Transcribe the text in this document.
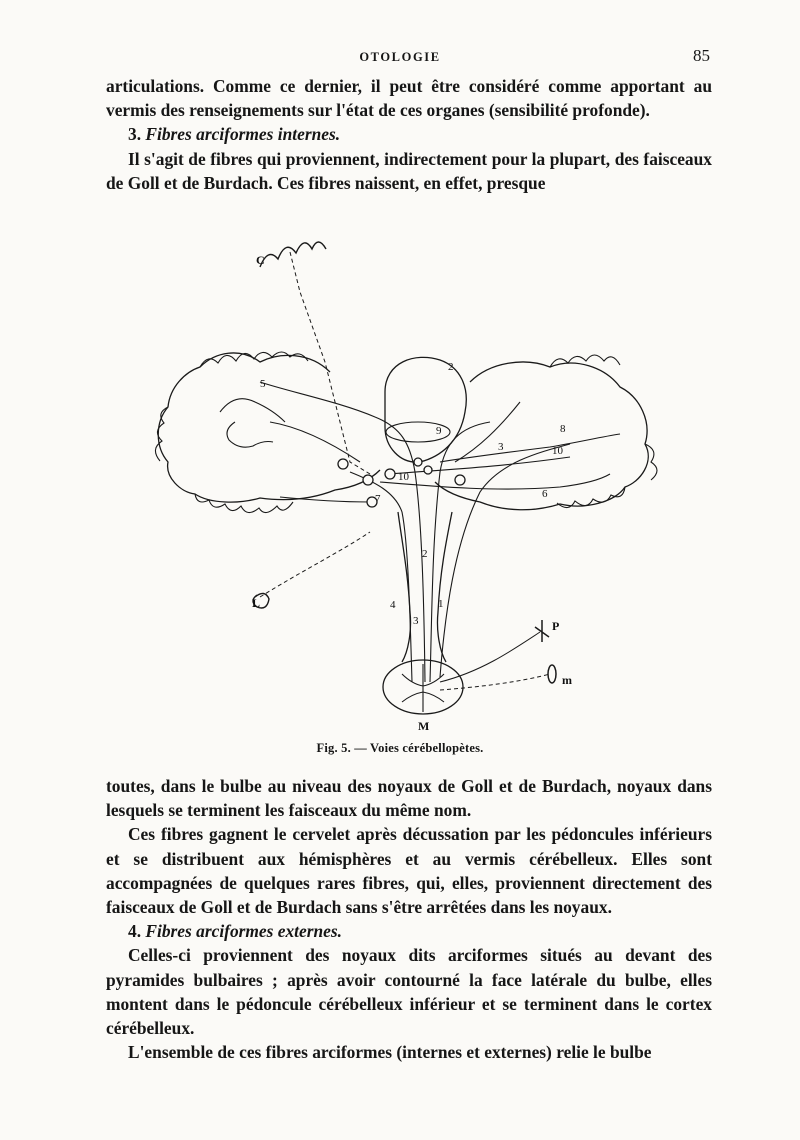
OTOLOGIE	85

articulations. Comme ce dernier, il peut être considéré comme apportant au vermis des renseignements sur l'état de ces organes (sensibilité profonde).

3. Fibres arciformes internes.

Il s'agit de fibres qui proviennent, indirectement pour la plupart, des faisceaux de Goll et de Burdach. Ces fibres naissent, en effet, presque

C
L
M
m
P
1
2
2
3
3
4
5
6
7
8
9
10
10
Fig. 5. — Voies cérébellopètes.

toutes, dans le bulbe au niveau des noyaux de Goll et de Burdach, noyaux dans lesquels se terminent les faisceaux du même nom.

Ces fibres gagnent le cervelet après décussation par les pédoncules inférieurs et se distribuent aux hémisphères et au vermis cérébelleux. Elles sont accompagnées de quelques rares fibres, qui, elles, proviennent directement des faisceaux de Goll et de Burdach sans s'être arrêtées dans les noyaux.

4. Fibres arciformes externes.

Celles-ci proviennent des noyaux dits arciformes situés au devant des pyramides bulbaires ; après avoir contourné la face latérale du bulbe, elles montent dans le pédoncule cérébelleux inférieur et se terminent dans le cortex cérébelleux.

L'ensemble de ces fibres arciformes (internes et externes) relie le bulbe
